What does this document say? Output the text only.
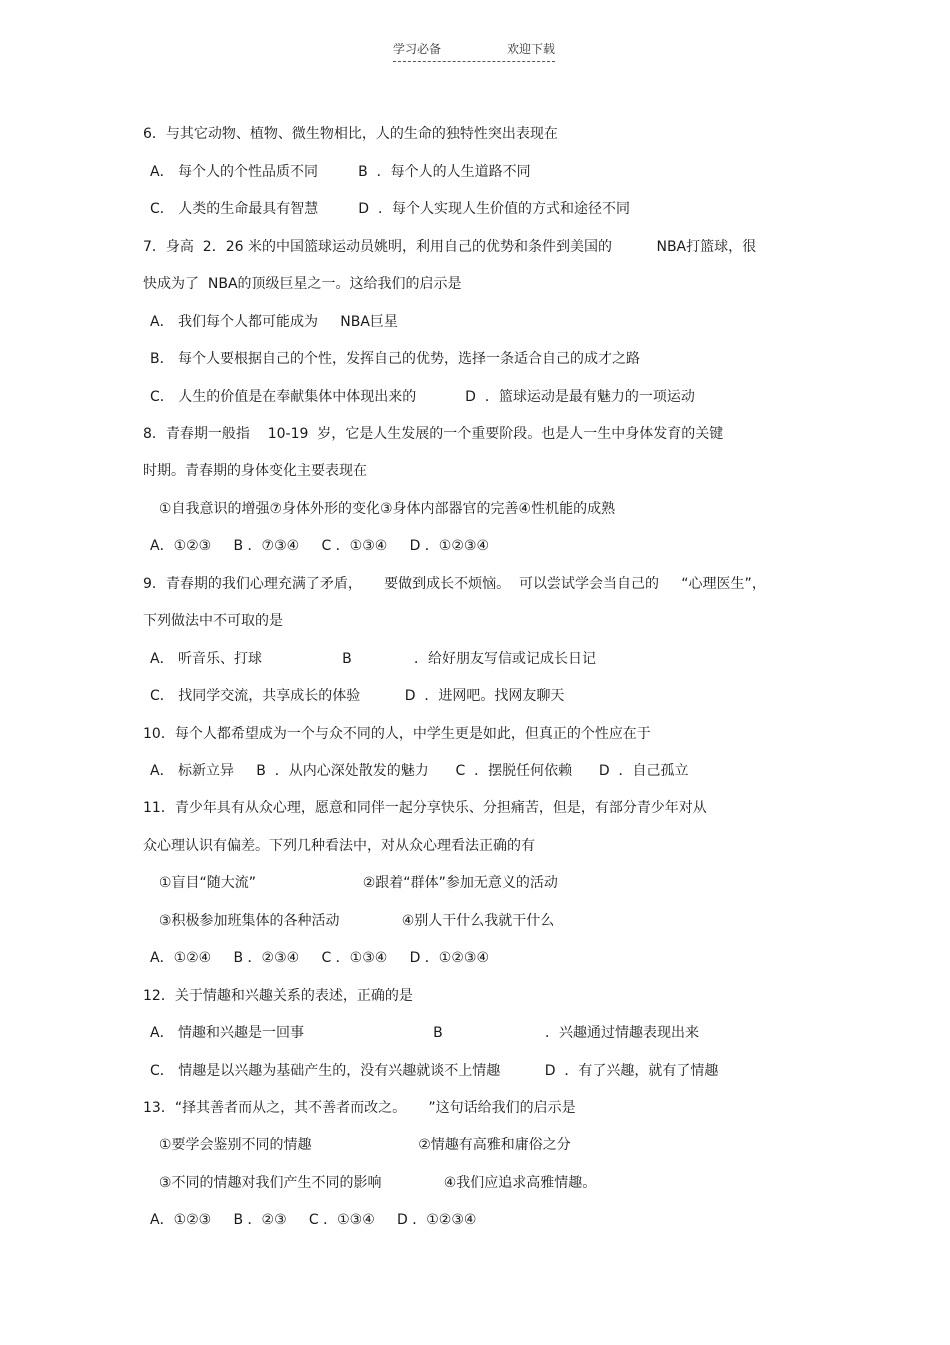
学习必备	欢迎下载
6．与其它动物、植物、微生物相比，人的生命的独特性突出表现在
A． 每个人的个性品质不同         B  ．每个人的人生道路不同
C． 人类的生命最具有智慧         D  ．每个人实现人生价值的方式和途径不同
7．身高  2．26 米的中国篮球运动员姚明，利用自己的优势和条件到美国的          NBA打篮球，很
快成为了  NBA的顶级巨星之一。这给我们的启示是
A． 我们每个人都可能成为     NBA巨星
B． 每个人要根据自己的个性，发挥自己的优势，选择一条适合自己的成才之路
C． 人生的价值是在奉献集体中体现出来的           D  ．篮球运动是最有魅力的一项运动
8．青春期一般指    10-19  岁，它是人生发展的一个重要阶段。也是人一生中身体发育的关键
时期。青春期的身体变化主要表现在
①自我意识的增强⑦身体外形的变化③身体内部器官的完善④性机能的成熟
A．①②③     B ．⑦③④     C ．①③④     D ．①②③④
9．青春期的我们心理充满了矛盾，     要做到成长不烦恼。  可以尝试学会当自己的     “心理医生”，
下列做法中不可取的是
A． 听音乐、打球                  B              ．给好朋友写信或记成长日记
C． 找同学交流，共享成长的体验          D  ．进网吧。找网友聊天
10．每个人都希望成为一个与众不同的人，中学生更是如此，但真正的个性应在于
A． 标新立异     B  ．从内心深处散发的魅力      C  ．摆脱任何依赖      D  ．自己孤立
11．青少年具有从众心理，愿意和同伴一起分享快乐、分担痛苦，但是，有部分青少年对从
众心理认识有偏差。下列几种看法中，对从众心理看法正确的有
①盲目“随大流”                        ②跟着“群体”参加无意义的活动
③积极参加班集体的各种活动              ④别人干什么我就干什么
A．①②④     B ．②③④     C ．①③④     D ．①②③④
12．关于情趣和兴趣关系的表述，正确的是
A． 情趣和兴趣是一回事                             B                       ．兴趣通过情趣表现出来
C． 情趣是以兴趣为基础产生的，没有兴趣就谈不上情趣          D  ．有了兴趣，就有了情趣
13．“择其善者而从之，其不善者而改之。     ”这句话给我们的启示是
①要学会鉴别不同的情趣                        ②情趣有高雅和庸俗之分
③不同的情趣对我们产生不同的影响              ④我们应追求高雅情趣。
A．①②③     B ．②③     C ．①③④     D ．①②③④
